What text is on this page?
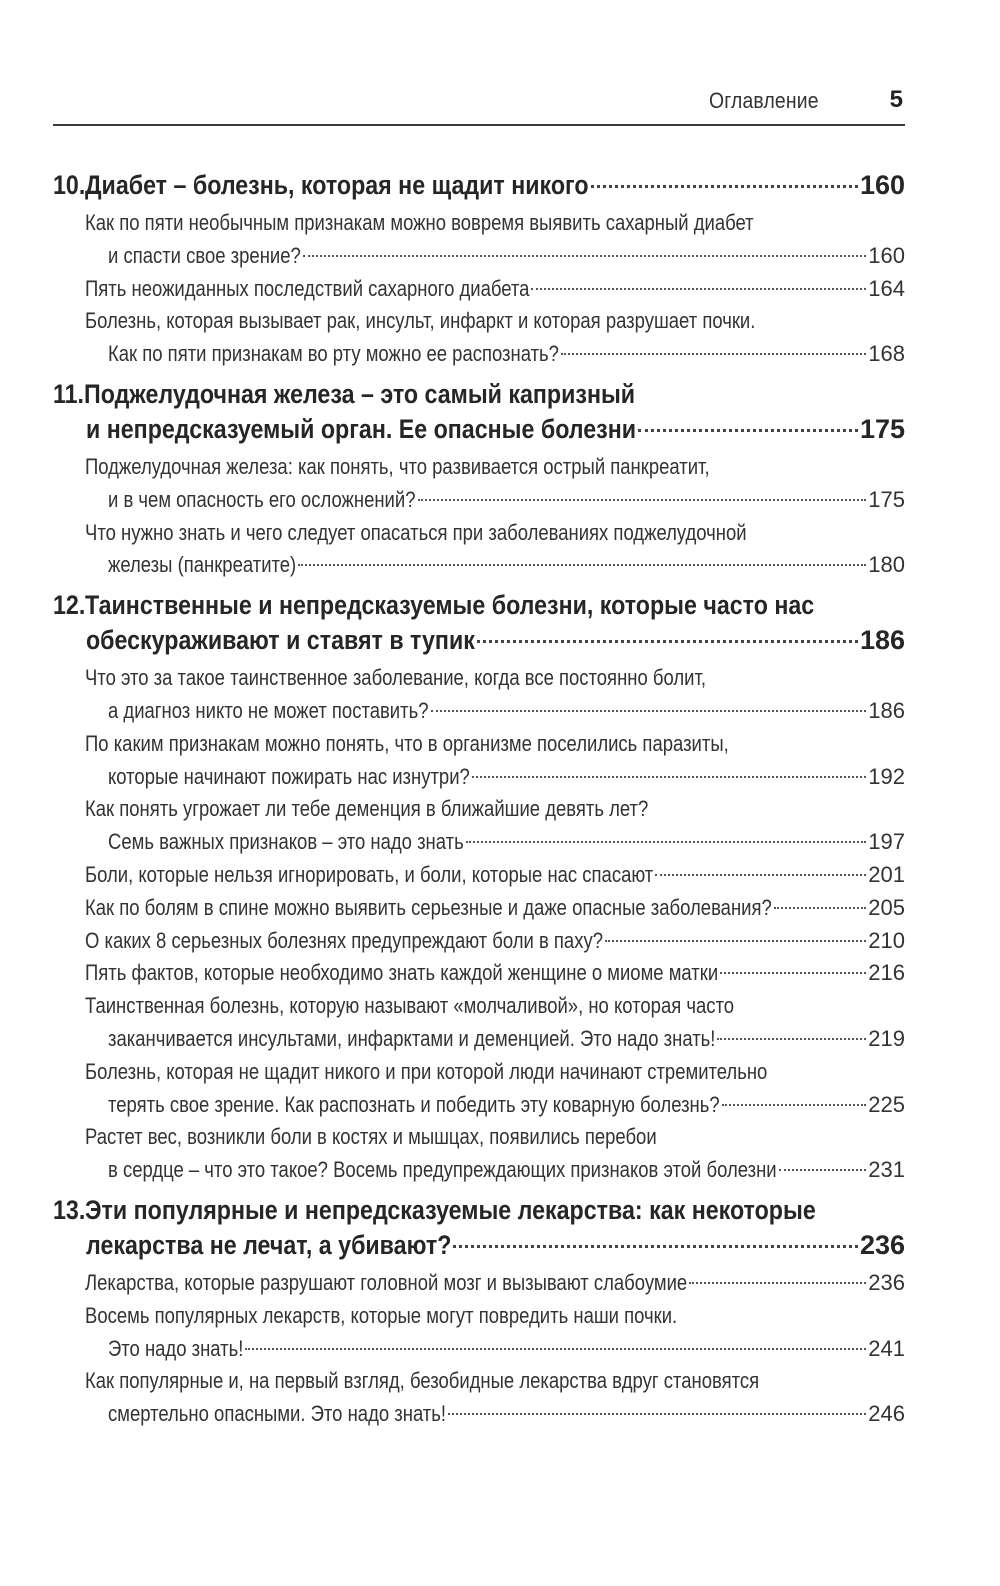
Оглавление	5
10. Диабет – болезнь, которая не щадит никого	160
Как по пяти необычным признакам можно вовремя выявить сахарный диабет
и спасти свое зрение?	160
Пять неожиданных последствий сахарного диабета	164
Болезнь, которая вызывает рак, инсульт, инфаркт и которая разрушает почки.
Как по пяти признакам во рту можно ее распознать?	168
11. Поджелудочная железа – это самый капризный
и непредсказуемый орган. Ее опасные болезни	175
Поджелудочная железа: как понять, что развивается острый панкреатит,
и в чем опасность его осложнений?	175
Что нужно знать и чего следует опасаться при заболеваниях поджелудочной
железы (панкреатите)	180
12. Таинственные и непредсказуемые болезни, которые часто нас
обескураживают и ставят в тупик	186
Что это за такое таинственное заболевание, когда все постоянно болит,
а диагноз никто не может поставить?	186
По каким признакам можно понять, что в организме поселились паразиты,
которые начинают пожирать нас изнутри?	192
Как понять угрожает ли тебе деменция в ближайшие девять лет?
Семь важных признаков – это надо знать	197
Боли, которые нельзя игнорировать, и боли, которые нас спасают	201
Как по болям в спине можно выявить серьезные и даже опасные заболевания?	205
О каких 8 серьезных болезнях предупреждают боли в паху?	210
Пять фактов, которые необходимо знать каждой женщине о миоме матки	216
Таинственная болезнь, которую называют «молчаливой», но которая часто
заканчивается инсультами, инфарктами и деменцией. Это надо знать!	219
Болезнь, которая не щадит никого и при которой люди начинают стремительно
терять свое зрение. Как распознать и победить эту коварную болезнь?	225
Растет вес, возникли боли в костях и мышцах, появились перебои
в сердце – что это такое? Восемь предупреждающих признаков этой болезни	231
13. Эти популярные и непредсказуемые лекарства: как некоторые
лекарства не лечат, а убивают?	236
Лекарства, которые разрушают головной мозг и вызывают слабоумие	236
Восемь популярных лекарств, которые могут повредить наши почки.
Это надо знать!	241
Как популярные и, на первый взгляд, безобидные лекарства вдруг становятся
смертельно опасными. Это надо знать!	246
